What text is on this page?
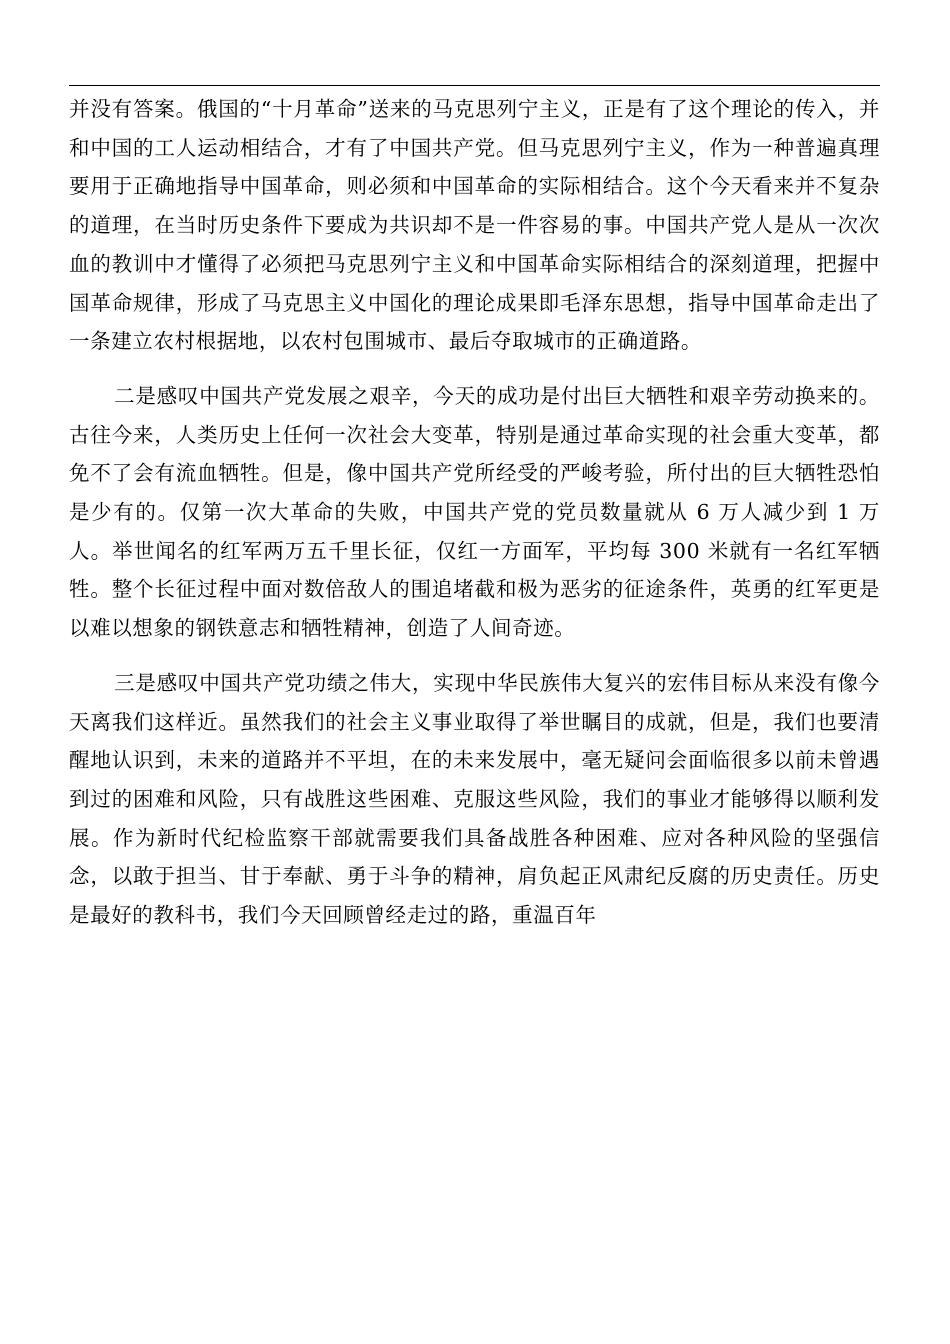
并没有答案。俄国的“十月革命”送来的马克思列宁主义，正是有了这个理论的传入，并和中国的工人运动相结合，才有了中国共产党。但马克思列宁主义，作为一种普遍真理要用于正确地指导中国革命，则必须和中国革命的实际相结合。这个今天看来并不复杂的道理，在当时历史条件下要成为共识却不是一件容易的事。中国共产党人是从一次次血的教训中才懂得了必须把马克思列宁主义和中国革命实际相结合的深刻道理，把握中国革命规律，形成了马克思主义中国化的理论成果即毛泽东思想，指导中国革命走出了一条建立农村根据地，以农村包围城市、最后夺取城市的正确道路。

二是感叹中国共产党发展之艰辛，今天的成功是付出巨大牺牲和艰辛劳动换来的。古往今来，人类历史上任何一次社会大变革，特别是通过革命实现的社会重大变革，都免不了会有流血牺牲。但是，像中国共产党所经受的严峻考验，所付出的巨大牺牲恐怕是少有的。仅第一次大革命的失败，中国共产党的党员数量就从 6 万人减少到 1 万人。举世闻名的红军两万五千里长征，仅红一方面军，平均每 300 米就有一名红军牺牲。整个长征过程中面对数倍敌人的围追堵截和极为恶劣的征途条件，英勇的红军更是以难以想象的钢铁意志和牺牲精神，创造了人间奇迹。

三是感叹中国共产党功绩之伟大，实现中华民族伟大复兴的宏伟目标从来没有像今天离我们这样近。虽然我们的社会主义事业取得了举世瞩目的成就，但是，我们也要清醒地认识到，未来的道路并不平坦，在的未来发展中，毫无疑问会面临很多以前未曾遇到过的困难和风险，只有战胜这些困难、克服这些风险，我们的事业才能够得以顺利发展。作为新时代纪检监察干部就需要我们具备战胜各种困难、应对各种风险的坚强信念，以敢于担当、甘于奉献、勇于斗争的精神，肩负起正风肃纪反腐的历史责任。历史是最好的教科书，我们今天回顾曾经走过的路，重温百年
